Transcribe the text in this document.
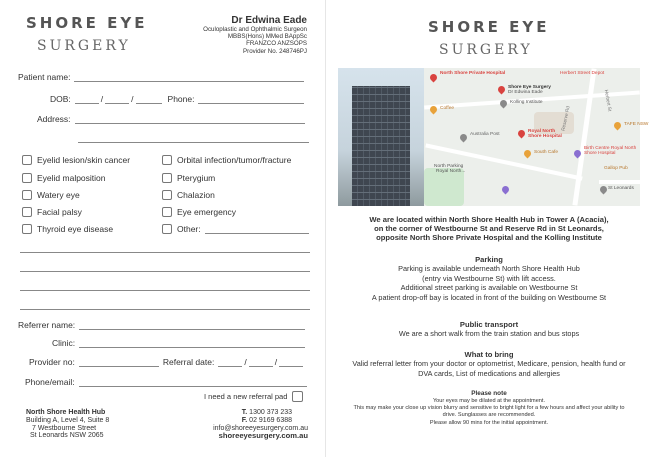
SHORE EYE
SURGERY
Dr Edwina Eade
Oculoplastic and Ophthalmic Surgeon
MBBS(Hons) MMed BAppSc
FRANZCO ANZSOPS
Provider No. 248746PJ
Patient name:
DOB:	/	/	Phone:
Address:
Eyelid lesion/skin cancer
Eyelid malposition
Watery eye
Facial palsy
Thyroid eye disease
Orbital infection/tumor/fracture
Pterygium
Chalazion
Eye emergency
Other:
Referrer name:
Clinic:
Provider no:	Referral date:	/	/
Phone/email:
I need a new referral pad
North Shore Health Hub
Building A, Level 4, Suite 8
7 Westbourne Street
St Leonards NSW 2065
T. 1300 373 233
F. 02 9169 6388
info@shoreeyesurgery.com.au
shoreeyesurgery.com.au
SHORE EYE
SURGERY
North Shore Private Hospital
Shore Eye Surgery
Dr Edwina Eade
Kolling Institute
Herbert Street Depot
Coffee
Australia Post
Royal North Shore Hospital
South Cafe
North Parking
Royal North...
Birth Centre Royal North Shore Hospital
TAFE NSW
Reserve Rd
Herbert St
St Leonards
Gallop Pub
We are located within North Shore Health Hub in Tower A (Acacia),
on the corner of Westbourne St and Reserve Rd in St Leonards,
opposite North Shore Private Hospital and the Kolling Institute
Parking
Parking is available underneath North Shore Health Hub
(entry via Westbourne St) with lift access.
Additional street parking is available on Westbourne St
A patient drop-off bay is located in front of the building on Westbourne St
Public transport
We are a short walk from the train station and bus stops
What to bring
Valid referral letter from your doctor or optometrist, Medicare, pension, health fund or
DVA cards, List of medications and allergies
Please note
Your eyes may be dilated at the appointment.
This may make your close up vision blurry and sensitive to bright light for a few hours and affect your ability to
drive. Sunglasses are recommended.
Please allow 90 mins for the initial appointment.
